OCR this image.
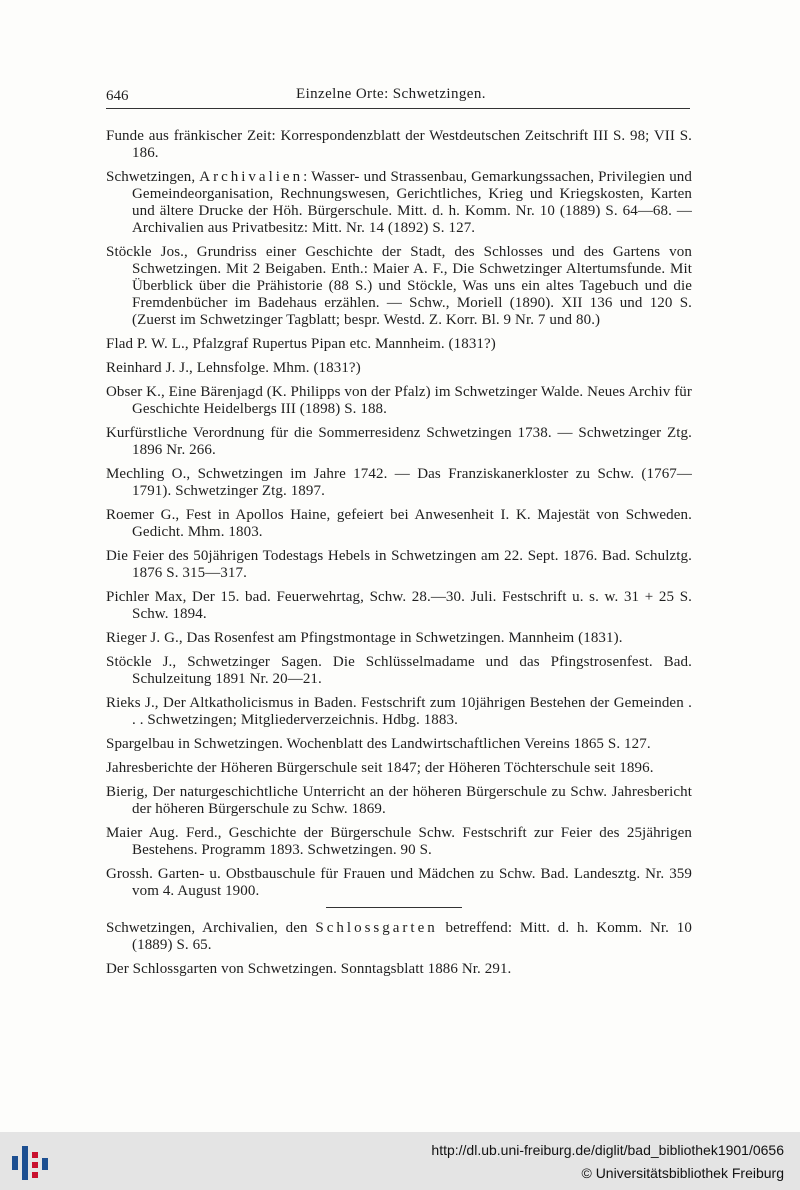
646	Einzelne Orte: Schwetzingen.

Funde aus fränkischer Zeit: Korrespondenzblatt der Westdeutschen Zeitschrift III S. 98; VII S. 186.

Schwetzingen, Archivalien: Wasser- und Strassenbau, Gemarkungssachen, Privilegien und Gemeindeorganisation, Rechnungswesen, Gerichtliches, Krieg und Kriegskosten, Karten und ältere Drucke der Höh. Bürgerschule. Mitt. d. h. Komm. Nr. 10 (1889) S. 64—68. — Archivalien aus Privatbesitz: Mitt. Nr. 14 (1892) S. 127.

Stöckle Jos., Grundriss einer Geschichte der Stadt, des Schlosses und des Gartens von Schwetzingen. Mit 2 Beigaben. Enth.: Maier A. F., Die Schwetzinger Altertumsfunde. Mit Überblick über die Prähistorie (88 S.) und Stöckle, Was uns ein altes Tagebuch und die Fremdenbücher im Badehaus erzählen. — Schw., Moriell (1890). XII 136 und 120 S. (Zuerst im Schwetzinger Tagblatt; bespr. Westd. Z. Korr. Bl. 9 Nr. 7 und 80.)

Flad P. W. L., Pfalzgraf Rupertus Pipan etc. Mannheim. (1831?)

Reinhard J. J., Lehnsfolge. Mhm. (1831?)

Obser K., Eine Bärenjagd (K. Philipps von der Pfalz) im Schwetzinger Walde. Neues Archiv für Geschichte Heidelbergs III (1898) S. 188.

Kurfürstliche Verordnung für die Sommerresidenz Schwetzingen 1738. — Schwetzinger Ztg. 1896 Nr. 266.

Mechling O., Schwetzingen im Jahre 1742. — Das Franziskanerkloster zu Schw. (1767—1791). Schwetzinger Ztg. 1897.

Roemer G., Fest in Apollos Haine, gefeiert bei Anwesenheit I. K. Majestät von Schweden. Gedicht. Mhm. 1803.

Die Feier des 50jährigen Todestags Hebels in Schwetzingen am 22. Sept. 1876. Bad. Schulztg. 1876 S. 315—317.

Pichler Max, Der 15. bad. Feuerwehrtag, Schw. 28.—30. Juli. Festschrift u. s. w. 31 + 25 S. Schw. 1894.

Rieger J. G., Das Rosenfest am Pfingstmontage in Schwetzingen. Mannheim (1831).

Stöckle J., Schwetzinger Sagen. Die Schlüsselmadame und das Pfingstrosenfest. Bad. Schulzeitung 1891 Nr. 20—21.

Rieks J., Der Altkatholicismus in Baden. Festschrift zum 10jährigen Bestehen der Gemeinden . . . Schwetzingen; Mitgliederverzeichnis. Hdbg. 1883.

Spargelbau in Schwetzingen. Wochenblatt des Landwirtschaftlichen Vereins 1865 S. 127.

Jahresberichte der Höheren Bürgerschule seit 1847; der Höheren Töchterschule seit 1896.

Bierig, Der naturgeschichtliche Unterricht an der höheren Bürgerschule zu Schw. Jahresbericht der höheren Bürgerschule zu Schw. 1869.

Maier Aug. Ferd., Geschichte der Bürgerschule Schw. Festschrift zur Feier des 25jährigen Bestehens. Programm 1893. Schwetzingen. 90 S.

Grossh. Garten- u. Obstbauschule für Frauen und Mädchen zu Schw. Bad. Landesztg. Nr. 359 vom 4. August 1900.

Schwetzingen, Archivalien, den Schlossgarten betreffend: Mitt. d. h. Komm. Nr. 10 (1889) S. 65.

Der Schlossgarten von Schwetzingen. Sonntagsblatt 1886 Nr. 291.

http://dl.ub.uni-freiburg.de/diglit/bad_bibliothek1901/0656
© Universitätsbibliothek Freiburg
